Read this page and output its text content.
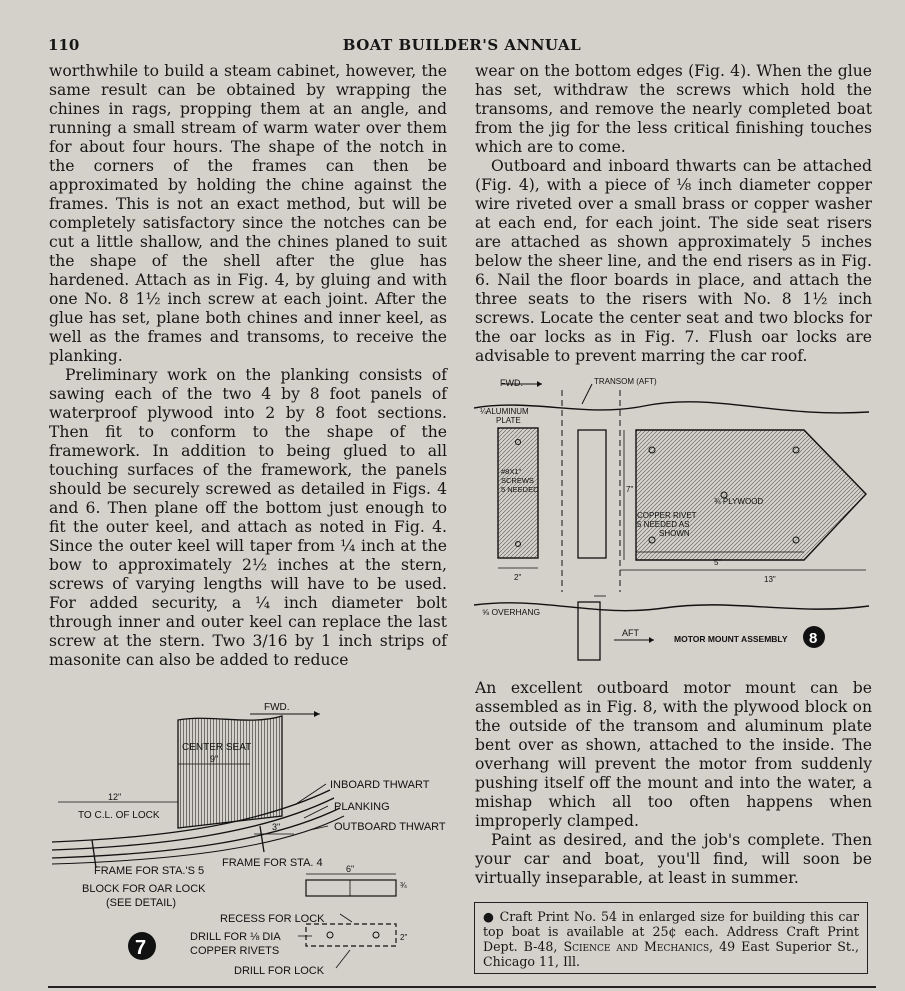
110	BOAT BUILDER'S ANNUAL

worthwhile to build a steam cabinet, however, the same result can be obtained by wrapping the chines in rags, propping them at an angle, and running a small stream of warm water over them for about four hours. The shape of the notch in the corners of the frames can then be approximated by holding the chine against the frames. This is not an exact method, but will be completely satisfactory since the notches can be cut a little shallow, and the chines planed to suit the shape of the shell after the glue has hardened. Attach as in Fig. 4, by gluing and with one No. 8 1½ inch screw at each joint. After the glue has set, plane both chines and inner keel, as well as the frames and transoms, to receive the planking.

Preliminary work on the planking consists of sawing each of the two 4 by 8 foot panels of waterproof plywood into 2 by 8 foot sections. Then fit to conform to the shape of the framework. In addition to being glued to all touching surfaces of the framework, the panels should be securely screwed as detailed in Figs. 4 and 6. Then plane off the bottom just enough to fit the outer keel, and attach as noted in Fig. 4. Since the outer keel will taper from ¼ inch at the bow to approximately 2½ inches at the stern, screws of varying lengths will have to be used. For added security, a ¼ inch diameter bolt through inner and outer keel can replace the last screw at the stern. Two 3/16 by 1 inch strips of masonite can also be added to reduce

wear on the bottom edges (Fig. 4). When the glue has set, withdraw the screws which hold the transoms, and remove the nearly completed boat from the jig for the less critical finishing touches which are to come.

Outboard and inboard thwarts can be attached (Fig. 4), with a piece of ⅛ inch diameter copper wire riveted over a small brass or copper washer at each end, for each joint. The side seat risers are attached as shown approximately 5 inches below the sheer line, and the end risers as in Fig. 6. Nail the floor boards in place, and attach the three seats to the risers with No. 8 1½ inch screws. Locate the center seat and two blocks for the oar locks as in Fig. 7. Flush oar locks are advisable to prevent marring the car roof.

FWD.	TRANSOM (AFT)
¼ ALUMINUM
PLATE
#8X1"
SCREWS
5 NEEDED
¾ PLYWOOD
COPPER RIVET
5 NEEDED AS
SHOWN
7"
2"
5"
13"
⅝ OVERHANG
AFT
MOTOR MOUNT ASSEMBLY 8

An excellent outboard motor mount can be assembled as in Fig. 8, with the plywood block on the outside of the transom and aluminum plate bent over as shown, attached to the inside. The overhang will prevent the motor from suddenly pushing itself off the mount and into the water, a mishap which all too often happens when improperly clamped.

Paint as desired, and the job's complete. Then your car and boat, you'll find, will soon be virtually inseparable, at least in summer.

● Craft Print No. 54 in enlarged size for building this car top boat is available at 25¢ each. Address Craft Print Dept. B-48, Science and Mechanics, 49 East Superior St., Chicago 11, Ill.
FWD.
CENTER SEAT
9"
12"
TO C.L. OF LOCK
INBOARD THWART
PLANKING
OUTBOARD THWART
3"
FRAME FOR STA. 4
FRAME FOR STA.'S 5
BLOCK FOR OAR LOCK
(SEE DETAIL)
6"
¾
RECESS FOR LOCK
DRILL FOR ⅛ DIA
COPPER RIVETS
2"
DRILL FOR LOCK
7
